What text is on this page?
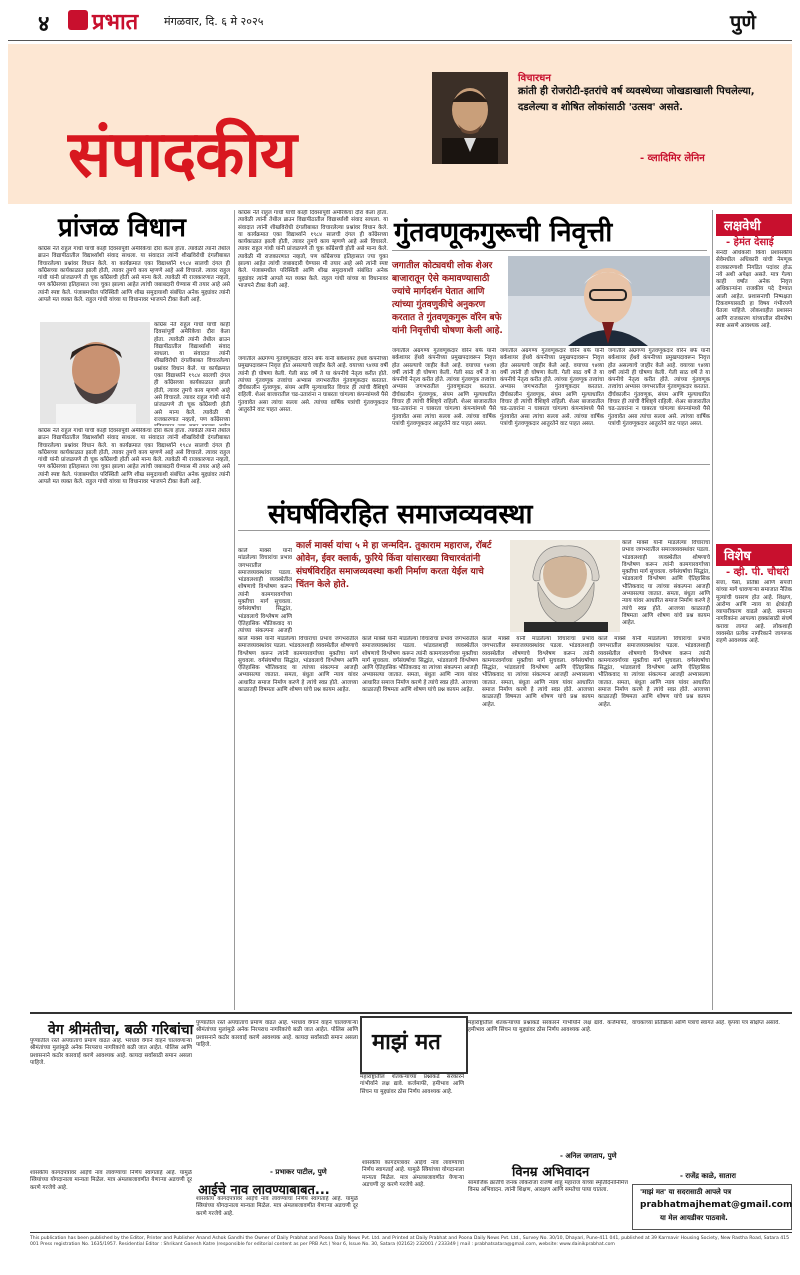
४ प्रभात मंगळवार, दि. ६ मे २०२५	पुणे
संपादकीय
विचारधन
क्रांती ही रोजरोटी-इतरांचे वर्ष व्यवस्थेच्या जोखडाखाली पिचलेल्या, दडलेल्या व शोषित लोकांसाठी 'उत्सव' असते.
- व्लादिमिर लेनिन
प्रांजळ विधान
काँग्रेस नेते राहुल गांधी यांची काही दिवसांपूर्वी अमेरिकेचा दौरा केला होता. त्यावेळी त्यांनी तेथील ब्राउन विद्यापीठातील विद्यार्थ्यांशी संवाद साधला. या संवादात त्यांनी शीखविरोधी दंगलीबाबत विचारलेल्या प्रश्नांवर विधान केले. या कार्यक्रमात एका विद्यार्थ्याने १९८४ सालची दंगल ही काँग्रेसच्या कार्यकाळात झाली होती, त्यावर तुमचे काय म्हणणे आहे असे विचारले. त्यावर राहुल गांधी यांनी प्रांजळपणे ती चूक काँग्रेसची होती असे मान्य केले. त्यावेळी मी राजकारणात नव्हतो, पण काँग्रेसच्या इतिहासात ज्या चुका झाल्या आहेत त्यांची जबाबदारी घेण्यास मी तयार आहे असे त्यांनी स्पष्ट केले. पंजाबमधील परिस्थिती आणि शीख समुदायाशी संबंधित अनेक मुद्द्यांवर त्यांनी आपले मत व्यक्त केले. राहुल गांधी यांच्या या विधानावर भाजपने टीका केली आहे.
काँग्रेस नेते राहुल गांधी यांची काही दिवसांपूर्वी अमेरिकेचा दौरा केला होता. त्यावेळी त्यांनी तेथील ब्राउन विद्यापीठातील विद्यार्थ्यांशी संवाद साधला. या संवादात त्यांनी शीखविरोधी दंगलीबाबत विचारलेल्या प्रश्नांवर विधान केले. या कार्यक्रमात एका विद्यार्थ्याने १९८४ सालची दंगल ही काँग्रेसच्या कार्यकाळात झाली होती, त्यावर तुमचे काय म्हणणे आहे असे विचारले. त्यावर राहुल गांधी यांनी प्रांजळपणे ती चूक काँग्रेसची होती असे मान्य केले. त्यावेळी मी राजकारणात नव्हतो, पण काँग्रेसच्या
काँग्रेस नेते राहुल गांधी यांची काही दिवसांपूर्वी अमेरिकेचा दौरा केला होता. त्यावेळी त्यांनी तेथील ब्राउन विद्यापीठातील विद्यार्थ्यांशी संवाद साधला. या संवादात त्यांनी शीखविरोधी दंगलीबाबत विचारलेल्या प्रश्नांवर विधान केले. या कार्यक्रमात एका विद्यार्थ्याने १९८४ सालची दंगल ही काँग्रेसच्या कार्यकाळात झाली होती, त्यावर तुमचे काय म्हणणे आहे असे विचारले. त्यावर राहुल गांधी यांनी प्रांजळपणे ती चूक काँग्रेसची होती असे मान्य केले. त्यावेळी मी राजकारणात नव्हतो, पण काँग्रेसच्या इतिहासात ज्या चुका झाल्या आहेत त्यांची जबाबदारी घेण्यास मी तयार आहे असे त्यांनी स्पष्ट केले. पंजाबमधील परिस्थिती आणि शीख समुदायाशी संबंधित अनेक मुद्द्यांवर त्यांनी आपले मत व्यक्त केले. राहुल गांधी यांच्या या विधानावर भाजपने टीका केली आहे.
काँग्रेस नेते राहुल गांधी यांची काही दिवसांपूर्वी अमेरिकेचा दौरा केला होता. त्यावेळी त्यांनी तेथील ब्राउन विद्यापीठातील विद्यार्थ्यांशी संवाद साधला. या संवादात त्यांनी शीखविरोधी दंगलीबाबत विचारलेल्या प्रश्नांवर विधान केले. या कार्यक्रमात एका विद्यार्थ्याने १९८४ सालची दंगल ही काँग्रेसच्या कार्यकाळात झाली होती, त्यावर तुमचे काय म्हणणे आहे असे विचारले. त्यावर राहुल गांधी यांनी प्रांजळपणे ती चूक काँग्रेसची होती असे मान्य केले. त्यावेळी मी राजकारणात नव्हतो, पण काँग्रेसच्या इतिहासात ज्या चुका झाल्या आहेत त्यांची जबाबदारी घेण्यास मी तयार आहे असे त्यांनी स्पष्ट केले. पंजाबमधील परिस्थिती आणि शीख समुदायाशी संबंधित अनेक मुद्द्यांवर त्यांनी आपले मत व्यक्त केले. राहुल गांधी यांच्या या विधानावर भाजपने टीका केली आहे.
गुंतवणूकगुरूची निवृत्ती
जगातील कोट्यवधी लोक शेअर बाजारातून ऐसे कमावण्यासाठी ज्यांचे मार्गदर्शन घेतात आणि त्यांच्या गुंतवणुकीचे अनुकरण करतात ते गुंतवणूकगुरू वॉरेन बफे यांनी निवृत्तीची घोषणा केली आहे.
जगातील अग्रगण्य गुंतवणूकदार वॉरेन बफे यांनी बर्कशायर हॅथवे कंपनीच्या प्रमुखपदावरून निवृत्त होत असल्याचे जाहीर केले आहे. वयाच्या ९४व्या वर्षी त्यांनी ही घोषणा केली. गेली साठ वर्षे ते या कंपनीचे नेतृत्व करीत होते. त्यांच्या गुंतवणूक तत्त्वांचा अभ्यास जगभरातील गुंतवणूकदार करतात. दीर्घकालीन गुंतवणूक, संयम आणि मूल्याधारित विचार ही त्यांची वैशिष्ट्ये राहिली. शेअर बाजारातील चढ-उतारांना न घाबरता चांगल्या कंपन्यांमध्ये पैसे गुंतवावेत असा त्यांचा सल्ला असे. त्यांच्या वार्षिक पत्रांची गुंतवणूकदार आतुरतेने वाट पाहत असत.
जगातील अग्रगण्य गुंतवणूकदार वॉरेन बफे यांनी बर्कशायर हॅथवे कंपनीच्या प्रमुखपदावरून निवृत्त होत असल्याचे जाहीर केले आहे. वयाच्या ९४व्या वर्षी त्यांनी ही घोषणा केली. गेली साठ वर्षे ते या कंपनीचे नेतृत्व करीत होते. त्यांच्या गुंतवणूक तत्त्वांचा अभ्यास जगभरातील गुंतवणूकदार करतात. दीर्घकालीन गुंतवणूक, संयम आणि मूल्याधारित विचार ही त्यांची वैशिष्ट्ये राहिली. शेअर बाजारातील चढ-उतारांना न घाबरता चांगल्या कंपन्यांमध्ये पैसे गुंतवावेत असा त्यांचा सल्ला असे. त्यांच्या वार्षिक पत्रांची गुंतवणूकदार आतुरतेने वाट पाहत असत.
जगातील अग्रगण्य गुंतवणूकदार वॉरेन बफे यांनी बर्कशायर हॅथवे कंपनीच्या प्रमुखपदावरून निवृत्त होत असल्याचे जाहीर केले आहे. वयाच्या ९४व्या वर्षी त्यांनी ही घोषणा केली. गेली साठ वर्षे ते या कंपनीचे नेतृत्व करीत होते. त्यांच्या गुंतवणूक तत्त्वांचा अभ्यास जगभरातील गुंतवणूकदार करतात. दीर्घकालीन गुंतवणूक, संयम आणि मूल्याधारित विचार ही त्यांची वैशिष्ट्ये राहिली. शेअर बाजारातील चढ-उतारांना न घाबरता चांगल्या कंपन्यांमध्ये पैसे गुंतवावेत असा त्यांचा सल्ला असे. त्यांच्या वार्षिक पत्रांची गुंतवणूकदार आतुरतेने वाट पाहत असत.
जगातील अग्रगण्य गुंतवणूकदार वॉरेन बफे यांनी बर्कशायर हॅथवे कंपनीच्या प्रमुखपदावरून निवृत्त होत असल्याचे जाहीर केले आहे. वयाच्या ९४व्या वर्षी त्यांनी ही घोषणा केली. गेली साठ वर्षे ते या कंपनीचे नेतृत्व करीत होते. त्यांच्या गुंतवणूक तत्त्वांचा अभ्यास जगभरातील गुंतवणूकदार करतात. दीर्घकालीन गुंतवणूक, संयम आणि मूल्याधारित विचार ही त्यांची वैशिष्ट्ये राहिली. शेअर बाजारातील चढ-उतारांना न घाबरता चांगल्या कंपन्यांमध्ये पैसे गुंतवावेत असा त्यांचा सल्ला असे. त्यांच्या वार्षिक पत्रांची गुंतवणूकदार आतुरतेने वाट पाहत असत.
लक्षवेधी
- हेमंत देसाई
सनदी अधिकारी किंवा प्रशासकीय सेवेमधील अधिकारी यांची नेमणूक राजकारणाशी निगडित पदांवर होऊ नये अशी अपेक्षा असते. मात्र गेल्या काही वर्षांत अनेक निवृत्त अधिकाऱ्यांना राजकीय पदे देण्यात आली आहेत. प्रशासनाची निष्पक्षता टिकवण्यासाठी हा विषय गंभीरपणे घेतला पाहिजे. लोकशाहीत प्रशासन आणि राजकारण यांच्यातील सीमारेषा स्पष्ट असणे आवश्यक आहे.
संघर्षविरहित समाजव्यवस्था
कार्ल मार्क्स यांचा ५ मे हा जन्मदिन. तुकाराम महाराज, रॉबर्ट ओवेन, ईवर क्लार्क, फुरिये किंवा यांसारख्या विचारवंतांनी संघर्षविरहित समाजव्यवस्था कशी निर्माण करता येईल याचे चिंतन केले होते.
कार्ल मार्क्स यांनी मांडलेल्या विचारांचा प्रभाव जगभरातील समाजव्यवस्थांवर पडला. भांडवलशाही व्यवस्थेतील शोषणाचे विश्लेषण करून त्यांनी कामगारवर्गाच्या मुक्तीचा मार्ग सुचवला. वर्गसंघर्षाचा सिद्धांत, भांडवलाचे विश्लेषण आणि ऐतिहासिक भौतिकवाद या त्यांच्या संकल्पना आजही
कार्ल मार्क्स यांनी मांडलेल्या विचारांचा प्रभाव जगभरातील समाजव्यवस्थांवर पडला. भांडवलशाही व्यवस्थेतील शोषणाचे विश्लेषण करून त्यांनी कामगारवर्गाच्या मुक्तीचा मार्ग सुचवला. वर्गसंघर्षाचा सिद्धांत, भांडवलाचे विश्लेषण आणि ऐतिहासिक भौतिकवाद या त्यांच्या संकल्पना आजही अभ्यासल्या जातात. समता, बंधुता आणि न्याय यांवर आधारित समाज निर्माण करणे हे त्यांचे स्वप्न होते. आजच्या काळातही विषमता आणि शोषण यांचे प्रश्न कायम आहेत.
कार्ल मार्क्स यांनी मांडलेल्या विचारांचा प्रभाव जगभरातील समाजव्यवस्थांवर पडला. भांडवलशाही व्यवस्थेतील शोषणाचे विश्लेषण करून त्यांनी कामगारवर्गाच्या मुक्तीचा मार्ग सुचवला. वर्गसंघर्षाचा सिद्धांत, भांडवलाचे विश्लेषण आणि ऐतिहासिक भौतिकवाद या त्यांच्या संकल्पना आजही अभ्यासल्या जातात. समता, बंधुता आणि न्याय यांवर आधारित समाज निर्माण करणे हे त्यांचे स्वप्न होते. आजच्या काळातही विषमता आणि शोषण यांचे प्रश्न कायम आहेत.
कार्ल मार्क्स यांनी मांडलेल्या विचारांचा प्रभाव जगभरातील समाजव्यवस्थांवर पडला. भांडवलशाही व्यवस्थेतील शोषणाचे विश्लेषण करून त्यांनी कामगारवर्गाच्या मुक्तीचा मार्ग सुचवला. वर्गसंघर्षाचा सिद्धांत, भांडवलाचे विश्लेषण आणि ऐतिहासिक भौतिकवाद या त्यांच्या संकल्पना आजही अभ्यासल्या जातात. समता, बंधुता आणि न्याय यांवर आधारित समाज निर्माण करणे हे त्यांचे स्वप्न होते. आजच्या काळातही विषमता आणि शोषण यांचे प्रश्न कायम आहेत.
कार्ल मार्क्स यांनी मांडलेल्या विचारांचा प्रभाव जगभरातील समाजव्यवस्थांवर पडला. भांडवलशाही व्यवस्थेतील शोषणाचे विश्लेषण करून त्यांनी कामगारवर्गाच्या मुक्तीचा मार्ग सुचवला. वर्गसंघर्षाचा सिद्धांत, भांडवलाचे विश्लेषण आणि ऐतिहासिक भौतिकवाद या त्यांच्या संकल्पना आजही अभ्यासल्या जातात. समता, बंधुता आणि न्याय यांवर आधारित समाज निर्माण करणे हे त्यांचे स्वप्न होते. आजच्या काळातही विषमता आणि शोषण यांचे प्रश्न कायम आहेत.
कार्ल मार्क्स यांनी मांडलेल्या विचारांचा प्रभाव जगभरातील समाजव्यवस्थांवर पडला. भांडवलशाही व्यवस्थेतील शोषणाचे विश्लेषण करून त्यांनी कामगारवर्गाच्या मुक्तीचा मार्ग सुचवला. वर्गसंघर्षाचा सिद्धांत, भांडवलाचे विश्लेषण आणि ऐतिहासिक भौतिकवाद या त्यांच्या संकल्पना आजही अभ्यासल्या जातात. समता, बंधुता आणि न्याय यांवर आधारित समाज निर्माण करणे हे त्यांचे स्वप्न होते. आजच्या काळातही विषमता आणि शोषण यांचे प्रश्न कायम आहेत.
विशेष
- व्ही. पी. चौधरी
सत्ता, पैसा, प्रतिष्ठा आणि संपत्ती यांच्या मागे धावणाऱ्या समाजात नैतिक मूल्यांची घसरण होत आहे. शिक्षण, आरोग्य आणि न्याय या क्षेत्रांतही व्यापारीकरण वाढले आहे. सामान्य नागरिकांना आपल्या हक्कांसाठी संघर्ष करावा लागत आहे. लोकशाही व्यवस्थेत प्रत्येक नागरिकाने जागरूक राहणे आवश्यक आहे.
वेग श्रीमंतीचा, बळी गरिबांचा
पुण्यातील रस्ते अपघातांचे प्रमाण वाढत आहे. भरधाव वेगाने वाहने चालवणाऱ्या श्रीमंतांच्या मुलांमुळे अनेक निरपराध नागरिकांचे बळी जात आहेत. पोलिस आणि प्रशासनाने कठोर कारवाई करणे आवश्यक आहे. कायदा सर्वांसाठी समान असला पाहिजे.
पुण्यातील रस्ते अपघातांचे प्रमाण वाढत आहे. भरधाव वेगाने वाहने चालवणाऱ्या श्रीमंतांच्या मुलांमुळे अनेक निरपराध नागरिकांचे बळी जात आहेत. पोलिस आणि प्रशासनाने कठोर कारवाई करणे आवश्यक आहे. कायदा सर्वांसाठी समान असला पाहिजे.
- प्रभाकर पाटील, पुणे
माझं मत
महाराष्ट्रातील शेतकऱ्यांच्या प्रश्नांकडे सरकारने गांभीर्याने लक्ष द्यावे. कर्जमाफी, हमीभाव आणि सिंचन या मुद्द्यांवर ठोस निर्णय आवश्यक आहे.
महाराष्ट्रातील शेतकऱ्यांच्या प्रश्नांकडे सरकारने गांभीर्याने लक्ष द्यावे. कर्जमाफी, हमीभाव आणि सिंचन या मुद्द्यांवर ठोस निर्णय आवश्यक आहे.
- अनिल जगताप, पुणे
आईचे नाव लावण्याबाबत...
शासकीय कागदपत्रांवर आईचे नाव लावण्याचा निर्णय स्वागतार्ह आहे. यामुळे स्त्रियांच्या योगदानाला मान्यता मिळेल. मात्र अंमलबजावणीत येणाऱ्या अडचणी दूर करणे गरजेचे आहे.
शासकीय कागदपत्रांवर आईचे नाव लावण्याचा निर्णय स्वागतार्ह आहे. यामुळे स्त्रियांच्या योगदानाला मान्यता मिळेल. मात्र अंमलबजावणीत येणाऱ्या अडचणी दूर करणे गरजेचे आहे.
शासकीय कागदपत्रांवर आईचे नाव लावण्याचा निर्णय स्वागतार्ह आहे. यामुळे स्त्रियांच्या योगदानाला मान्यता मिळेल. मात्र अंमलबजावणीत येणाऱ्या अडचणी दूर करणे गरजेचे आहे.
विनम्र अभिवादन
सामाजिक क्रांतीचे जनक लोकराजा राजर्षी शाहू महाराज यांच्या स्मृतिदिनानिमित्त विनम्र अभिवादन. त्यांनी शिक्षण, आरक्षण आणि समतेचा पाया घातला.
वाचकांच्या प्रतिक्रिया आणि पत्रांचे स्वागत आहे. कृपया पत्र संक्षिप्त असावे.
- राजेंद्र काळे, सातारा
'माझं मत' या सदरासाठी आपले पत्र
prabhatmajhemat@gmail.com
या मेल आयडीवर पाठवावे.
This publication has been published by the Editor, Printer and Publisher Anand Ashok Gandhi the Owner of Daily Prabhat and Poona Daily News Pvt. Ltd. and Printed at Daily Prabhat and Poona Daily News Pvt. Ltd., Survey No. 30/10, Dhayari, Pune-411 041, published at 39 Karmavir Housing Society, New Rastha Road, Satara 415 001 Press registration No. 1635/1957. Residential Editor : Shrikant Ganesh Katre (responsible for editorial content as per PRB Act.) Year 6, Issue No. 30, Satara (02162) 232001 / 233349 | mail : prabhatsatara@gmail.com, website: www.dainikprabhat.com
